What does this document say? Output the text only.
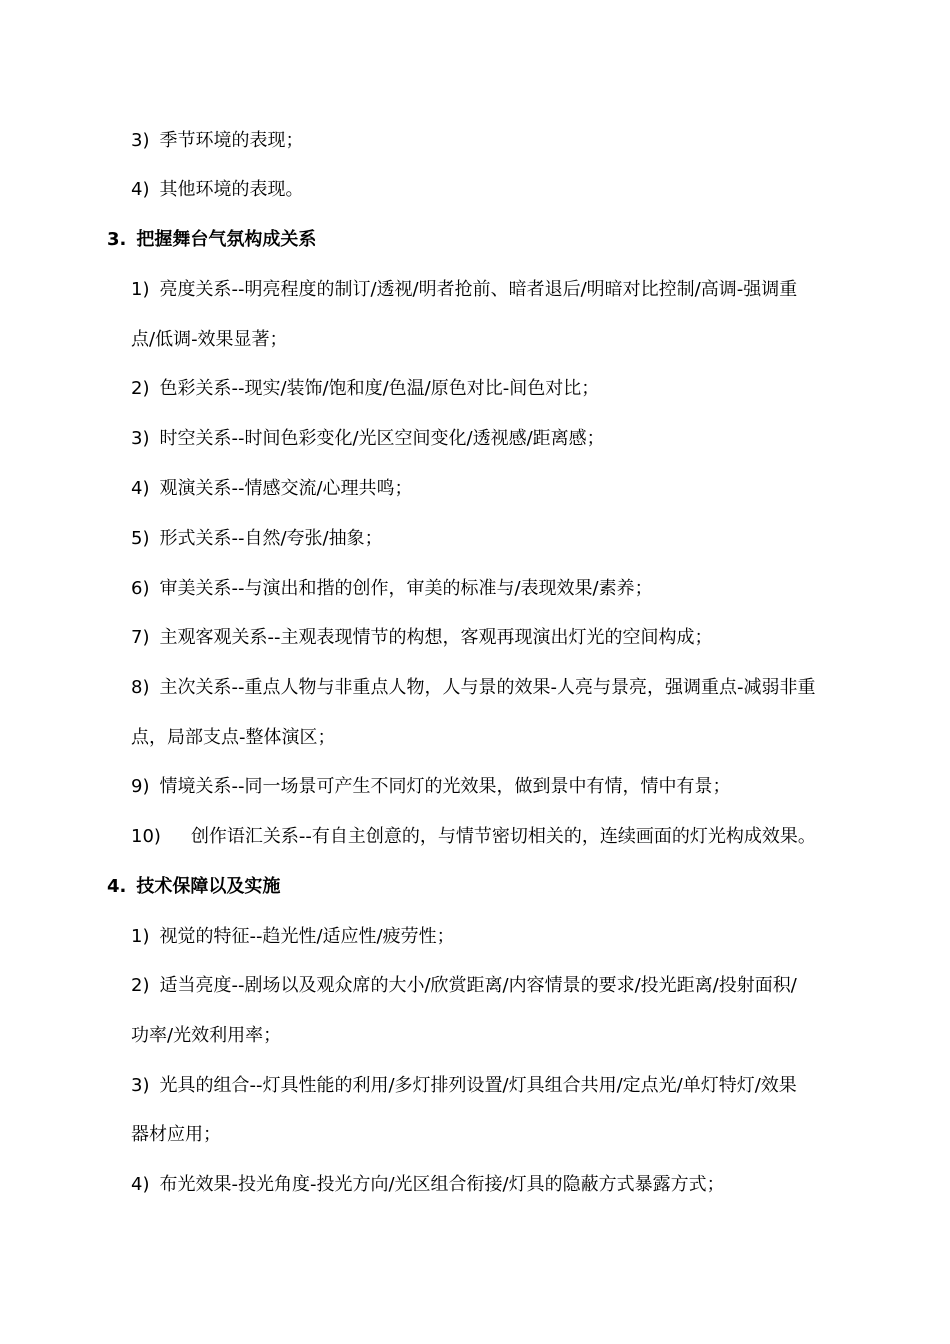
3) 季节环境的表现；
4) 其他环境的表现。
3. 把握舞台气氛构成关系
1) 亮度关系--明亮程度的制订/透视/明者抢前、暗者退后/明暗对比控制/高调-强调重
点/低调-效果显著；
2) 色彩关系--现实/装饰/饱和度/色温/原色对比-间色对比；
3) 时空关系--时间色彩变化/光区空间变化/透视感/距离感；
4) 观演关系--情感交流/心理共鸣；
5) 形式关系--自然/夸张/抽象；
6) 审美关系--与演出和揩的创作，审美的标准与/表现效果/素养；
7) 主观客观关系--主观表现情节的构想，客观再现演出灯光的空间构成；
8) 主次关系--重点人物与非重点人物，人与景的效果-人亮与景亮，强调重点-减弱非重
点，局部支点-整体演区；
9) 情境关系--同一场景可产生不同灯的光效果，做到景中有情，情中有景；
10) 创作语汇关系--有自主创意的，与情节密切相关的，连续画面的灯光构成效果。
4. 技术保障以及实施
1) 视觉的特征--趋光性/适应性/疲劳性；
2) 适当亮度--剧场以及观众席的大小/欣赏距离/内容情景的要求/投光距离/投射面积/
功率/光效利用率；
3) 光具的组合--灯具性能的利用/多灯排列设置/灯具组合共用/定点光/单灯特灯/效果
器材应用；
4) 布光效果-投光角度-投光方向/光区组合衔接/灯具的隐蔽方式暴露方式；
